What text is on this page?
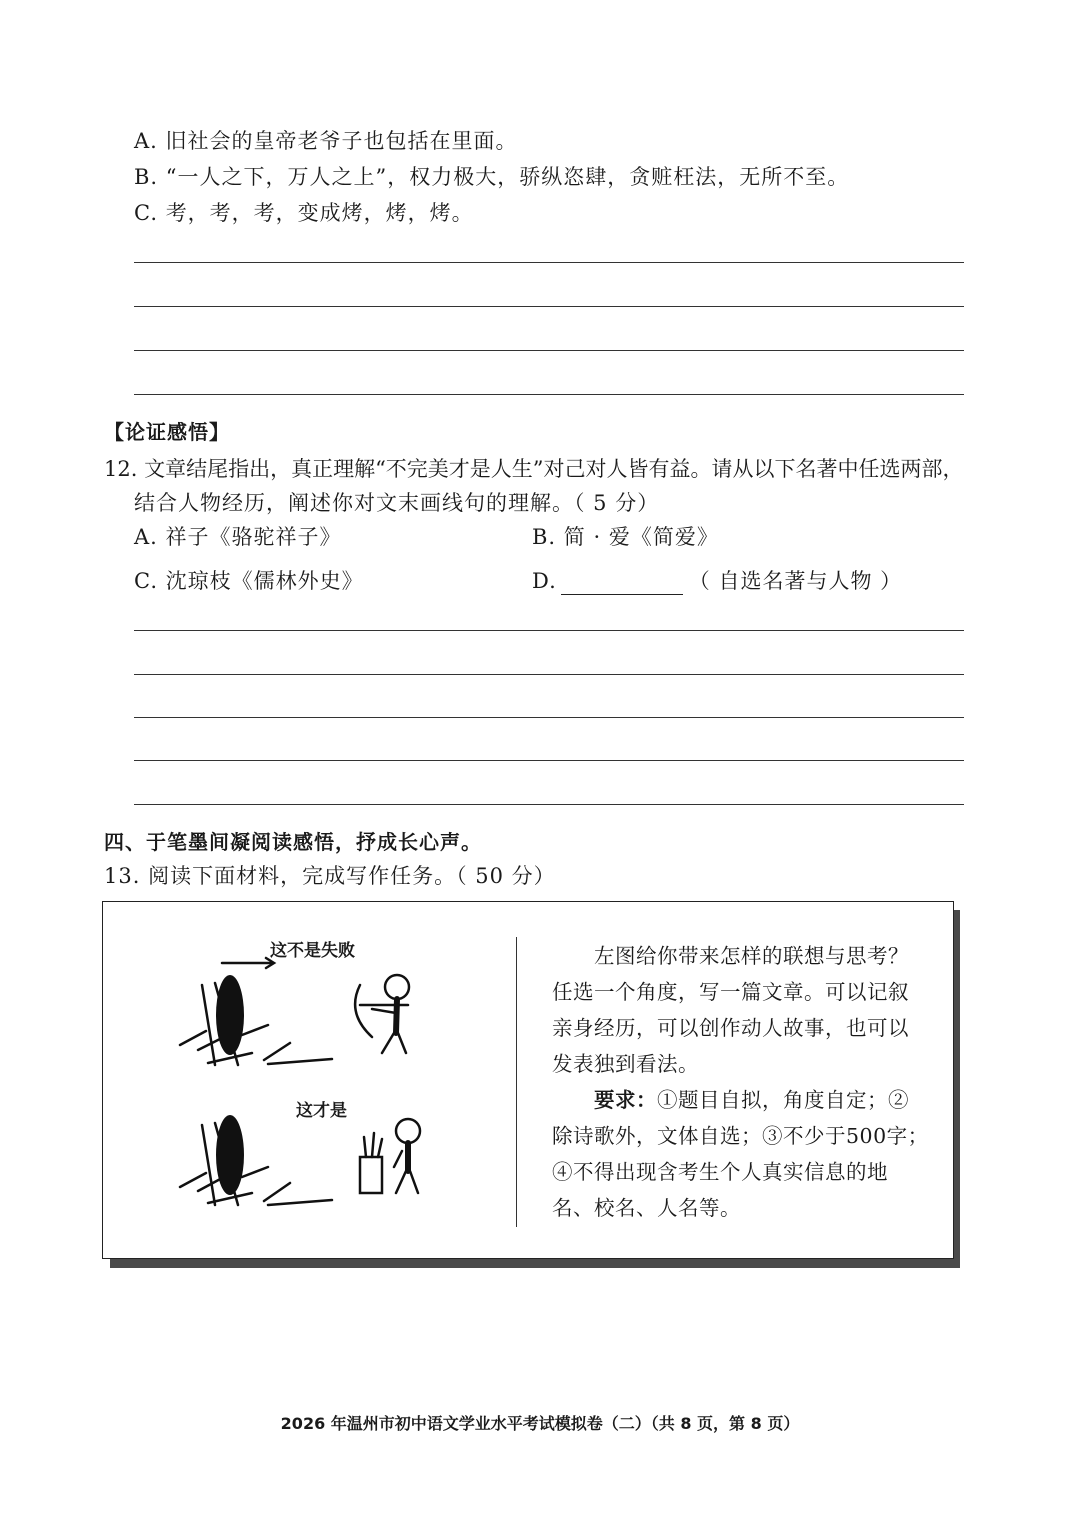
A. 旧社会的皇帝老爷子也包括在里面。
B. “一人之下，万人之上”，权力极大，骄纵恣肆，贪赃枉法，无所不至。
C. 考，考，考，变成烤，烤，烤。
【论证感悟】
12. 文章结尾指出，真正理解“不完美才是人生”对己对人皆有益。请从以下名著中任选两部，
结合人物经历，阐述你对文末画线句的理解。（ 5 分）
A. 祥子《骆驼祥子》	B. 简 · 爱《简爱》
C. 沈琼枝《儒林外史》	D.	（ 自选名著与人物 ）
四、于笔墨间凝阅读感悟，抒成长心声。
13. 阅读下面材料，完成写作任务。（ 50 分）
这不是失败
这才是
左图给你带来怎样的联想与思考？
任选一个角度，写一篇文章。可以记叙
亲身经历，可以创作动人故事，也可以
发表独到看法。
要求：①题目自拟，角度自定；②
除诗歌外，文体自选；③不少于500字；
④不得出现含考生个人真实信息的地
名、校名、人名等。
2026 年温州市初中语文学业水平考试模拟卷（二）（共 8 页，第 8 页）
